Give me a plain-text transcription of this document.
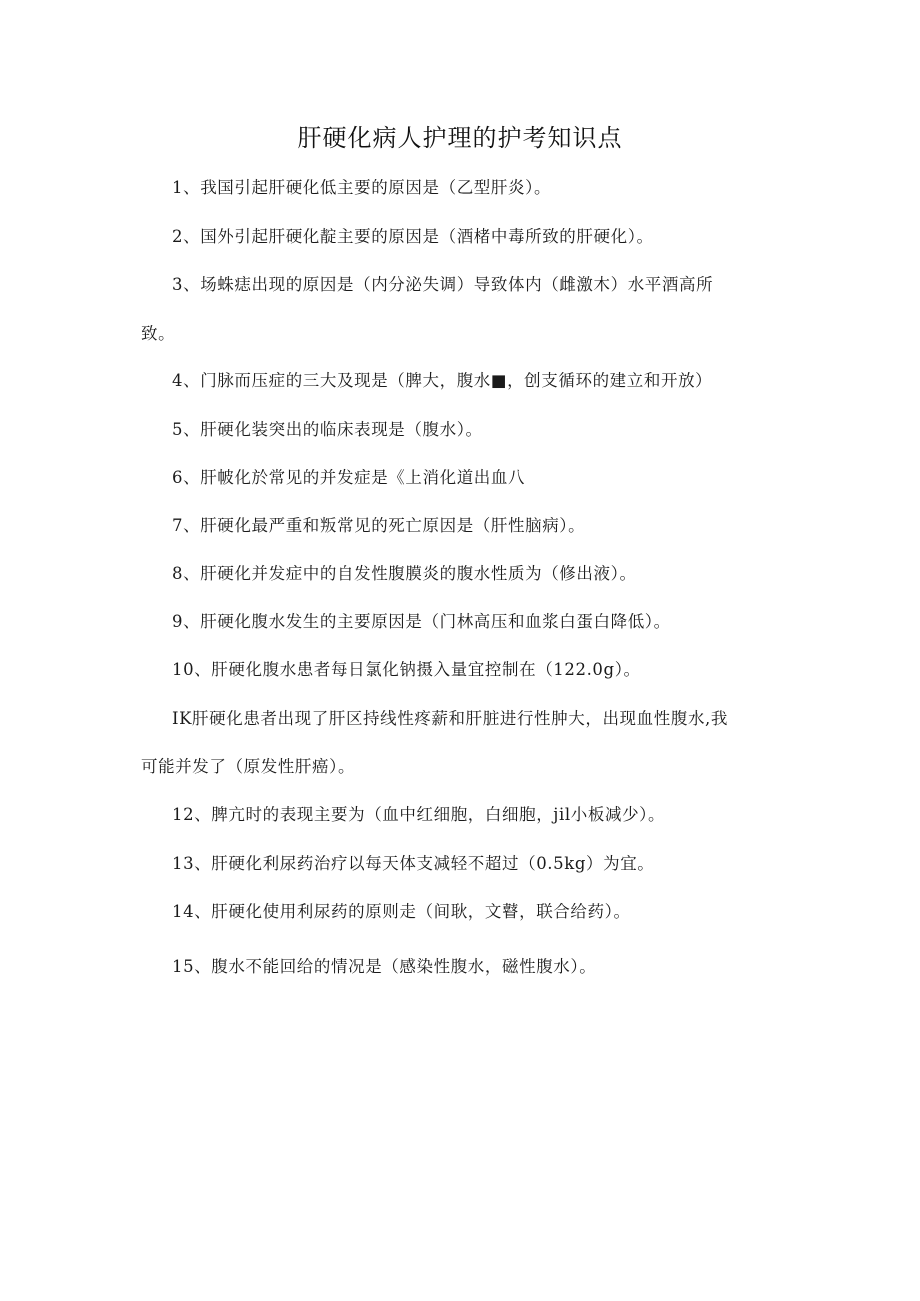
肝硬化病人护理的护考知识点
1、我国引起肝硬化低主要的原因是（乙型肝炎）。
2、国外引起肝硬化靛主要的原因是（酒楮中毒所致的肝硬化）。
3、场蛛痣出现的原因是（内分泌失调）导致体内（雌激木）水平酒高所
致。
4、门脉而压症的三大及现是（脾大，腹水■，创支循环的建立和开放）
5、肝硬化装突出的临床表现是（腹水）。
6、肝帔化於常见的并发症是《上消化道出血八
7、肝硬化最严重和叛常见的死亡原因是（肝性脑病）。
8、肝硬化并发症中的自发性腹膜炎的腹水性质为（修出液）。
9、肝硬化腹水发生的主要原因是（门林高压和血浆白蛋白降低）。
10、肝硬化腹水患者每日氯化钠摄入量宜控制在（122.0g）。
IK肝硬化患者出现了肝区持线性疼薪和肝脏进行性肿大，出现血性腹水,我
可能并发了（原发性肝癌）。
12、脾亢时的表现主要为（血中红细胞，白细胞，jil小板减少）。
13、肝硬化利尿药治疗以每天体支减轻不超过（0.5kg）为宜。
14、肝硬化使用利尿药的原则走（间耿，文瞽，联合给药）。
15、腹水不能回给的情况是（感染性腹水，磁性腹水）。
